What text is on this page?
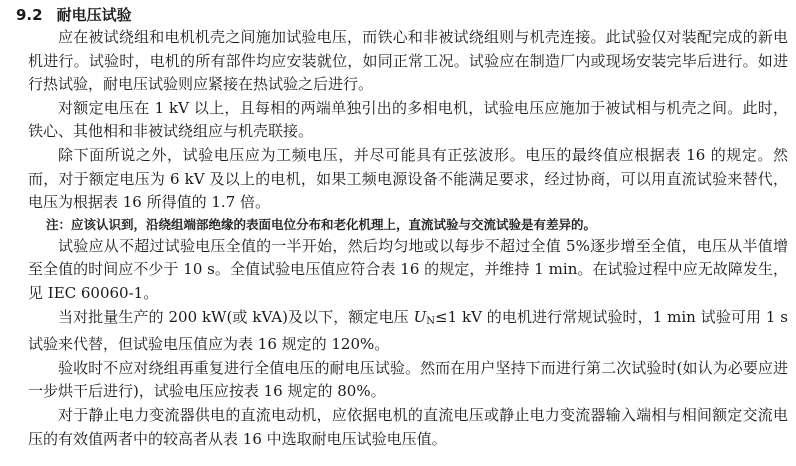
9.2 耐电压试验

应在被试绕组和电机机壳之间施加试验电压，而铁心和非被试绕组则与机壳连接。此试验仅对装配完成的新电机进行。试验时，电机的所有部件均应安装就位，如同正常工况。试验应在制造厂内或现场安装完毕后进行。如进行热试验，耐电压试验则应紧接在热试验之后进行。

对额定电压在 1 kV 以上，且每相的两端单独引出的多相电机，试验电压应施加于被试相与机壳之间。此时，铁心、其他相和非被试绕组应与机壳联接。

除下面所说之外，试验电压应为工频电压，并尽可能具有正弦波形。电压的最终值应根据表 16 的规定。然而，对于额定电压为 6 kV 及以上的电机，如果工频电源设备不能满足要求，经过协商，可以用直流试验来替代，电压为根据表 16 所得值的 1.7 倍。

注：应该认识到，沿绕组端部绝缘的表面电位分布和老化机理上，直流试验与交流试验是有差异的。

试验应从不超过试验电压全值的一半开始，然后均匀地或以每步不超过全值 5%逐步增至全值，电压从半值增至全值的时间应不少于 10 s。全值试验电压值应符合表 16 的规定，并维持 1 min。在试验过程中应无故障发生，见 IEC 60060-1。

当对批量生产的 200 kW(或 kVA)及以下，额定电压 $U_N\le 1$ kV 的电机进行常规试验时，1 min 试验可用 1 s 试验来代替，但试验电压值应为表 16 规定的 120%。

验收时不应对绕组再重复进行全值电压的耐电压试验。然而在用户坚持下而进行第二次试验时(如认为必要应进一步烘干后进行)，试验电压应按表 16 规定的 80%。

对于静止电力变流器供电的直流电动机，应依据电机的直流电压或静止电力变流器输入端相与相间额定交流电压的有效值两者中的较高者从表 16 中选取耐电压试验电压值。
